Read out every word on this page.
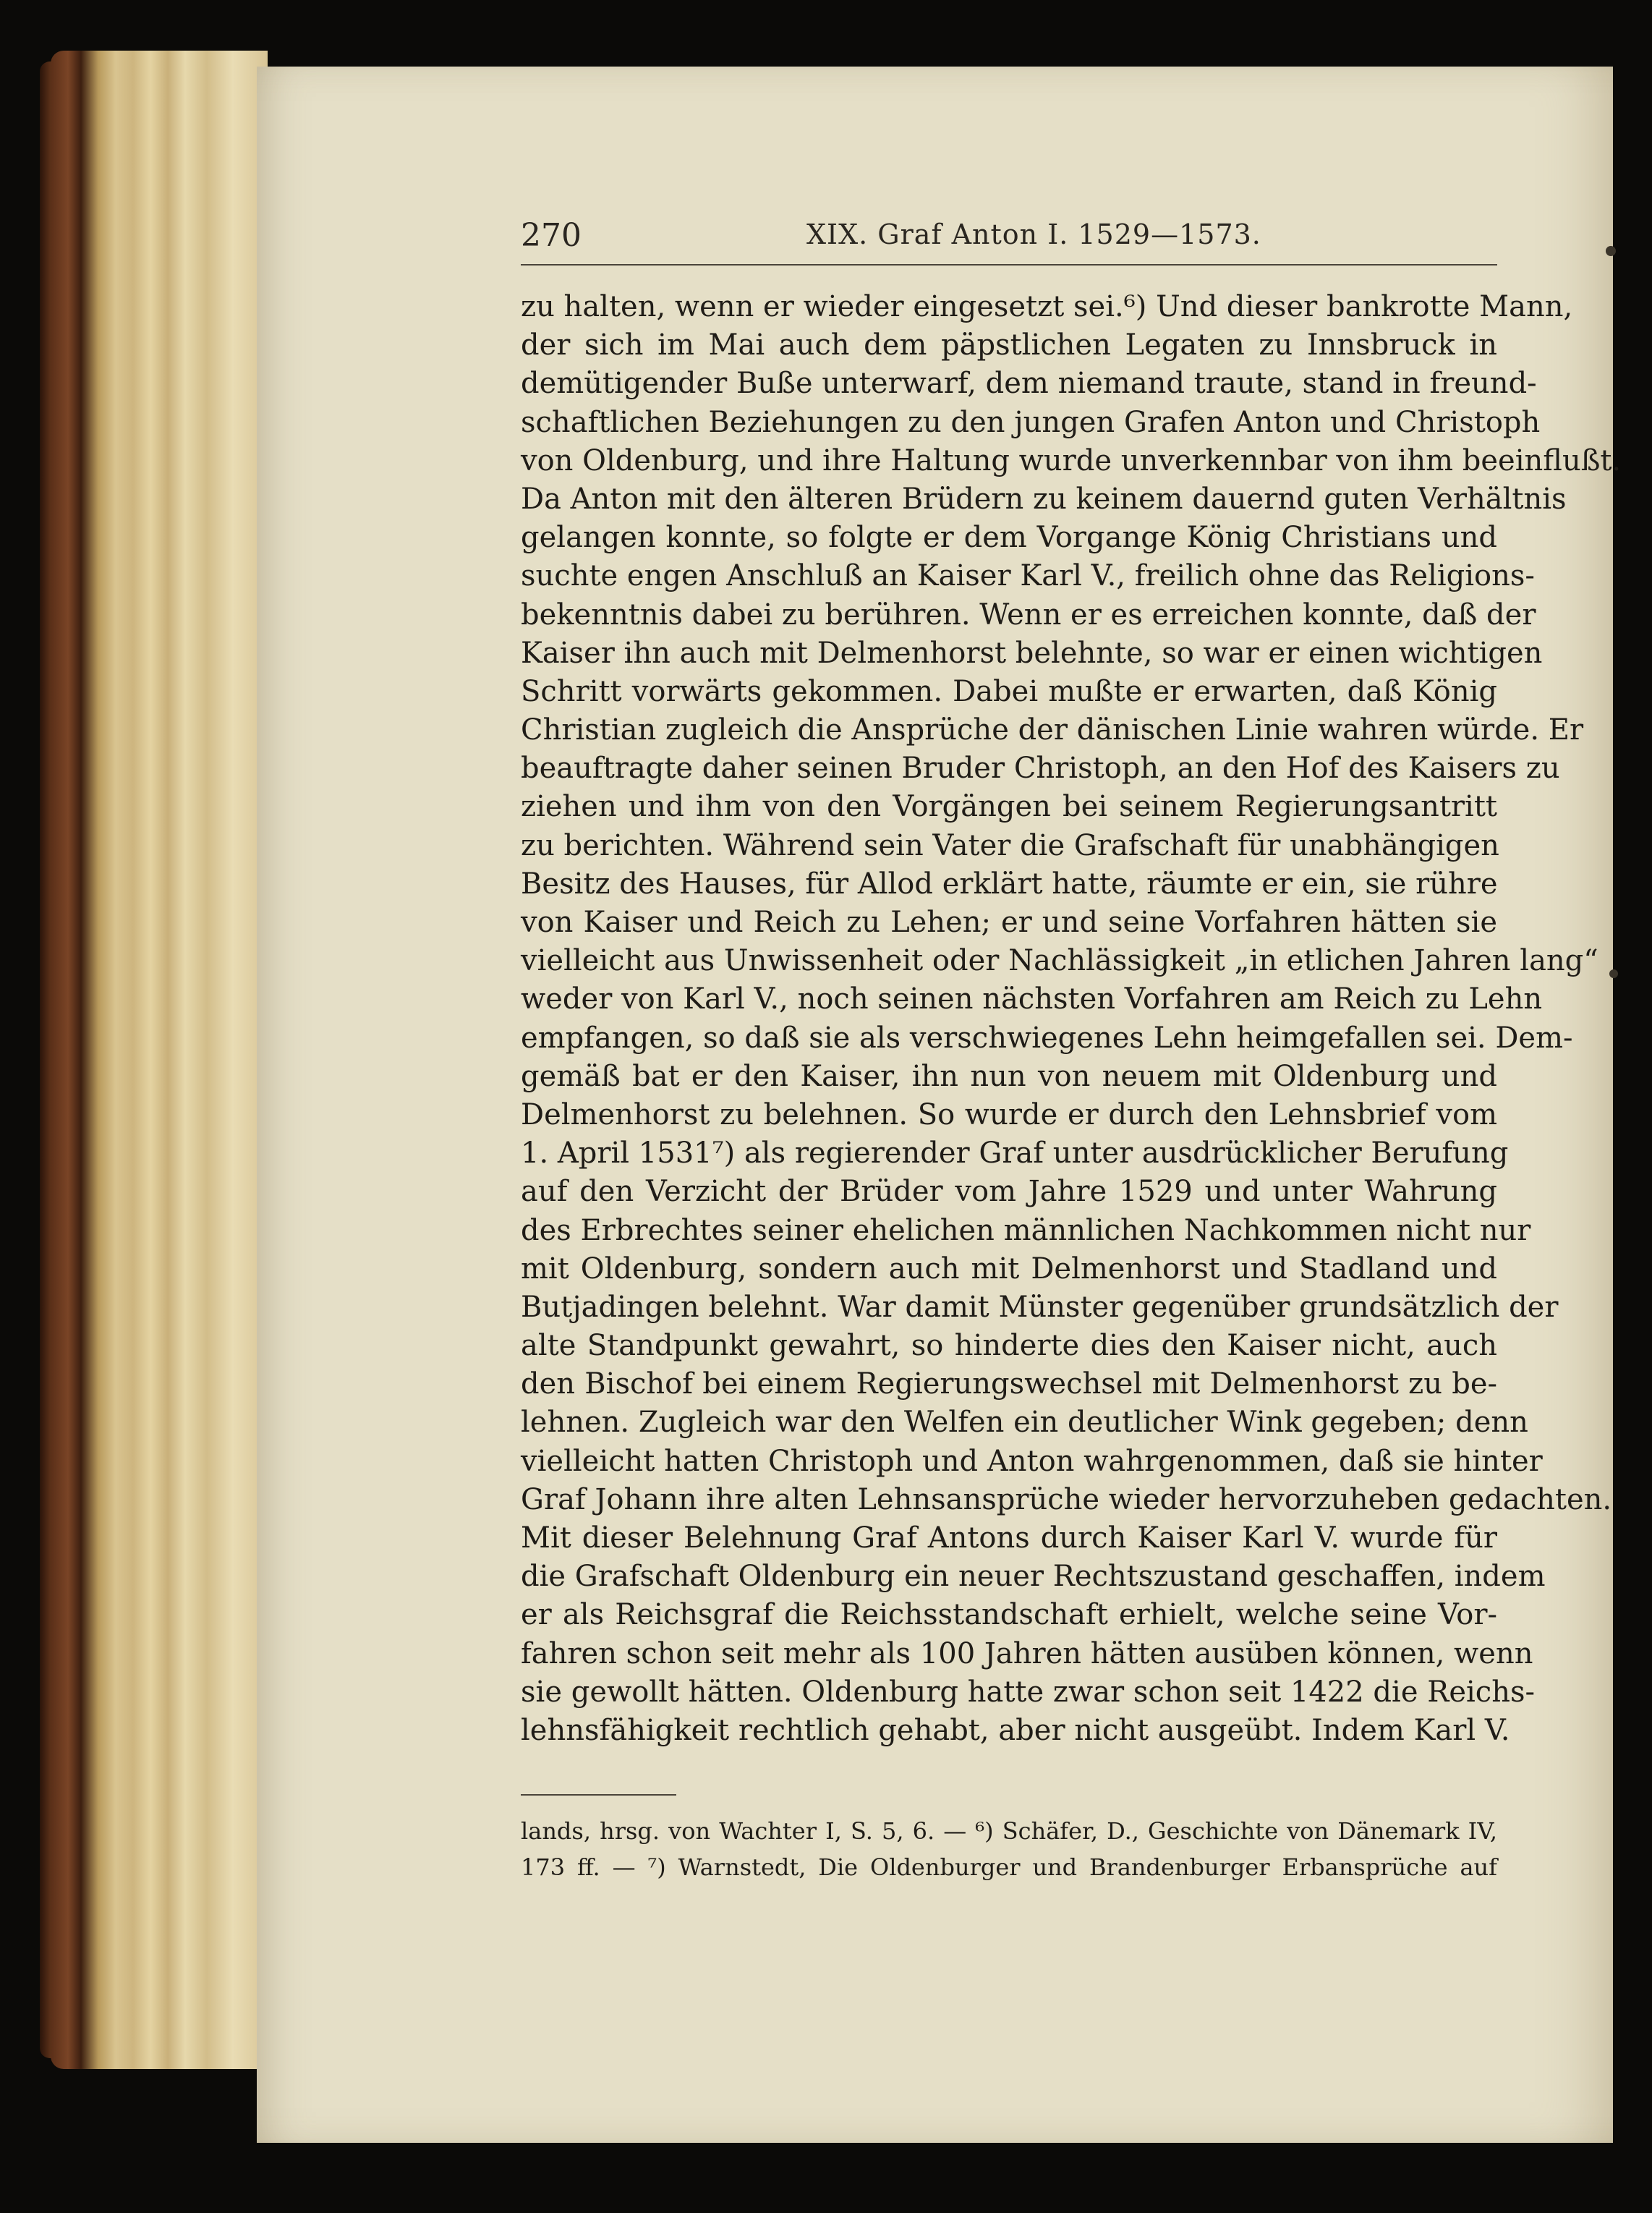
270	XIX. Graf Anton I. 1529—1573.
zu halten, wenn er wieder eingesetzt sei.⁶) Und dieser bankrotte Mann,
der sich im Mai auch dem päpstlichen Legaten zu Innsbruck in
demütigender Buße unterwarf, dem niemand traute, stand in freund-
schaftlichen Beziehungen zu den jungen Grafen Anton und Christoph
von Oldenburg, und ihre Haltung wurde unverkennbar von ihm beeinflußt.
Da Anton mit den älteren Brüdern zu keinem dauernd guten Verhältnis
gelangen konnte, so folgte er dem Vorgange König Christians und
suchte engen Anschluß an Kaiser Karl V., freilich ohne das Religions-
bekenntnis dabei zu berühren. Wenn er es erreichen konnte, daß der
Kaiser ihn auch mit Delmenhorst belehnte, so war er einen wichtigen
Schritt vorwärts gekommen. Dabei mußte er erwarten, daß König
Christian zugleich die Ansprüche der dänischen Linie wahren würde. Er
beauftragte daher seinen Bruder Christoph, an den Hof des Kaisers zu
ziehen und ihm von den Vorgängen bei seinem Regierungsantritt
zu berichten. Während sein Vater die Grafschaft für unabhängigen
Besitz des Hauses, für Allod erklärt hatte, räumte er ein, sie rühre
von Kaiser und Reich zu Lehen; er und seine Vorfahren hätten sie
vielleicht aus Unwissenheit oder Nachlässigkeit „in etlichen Jahren lang“
weder von Karl V., noch seinen nächsten Vorfahren am Reich zu Lehn
empfangen, so daß sie als verschwiegenes Lehn heimgefallen sei. Dem-
gemäß bat er den Kaiser, ihn nun von neuem mit Oldenburg und
Delmenhorst zu belehnen. So wurde er durch den Lehnsbrief vom
1. April 1531⁷) als regierender Graf unter ausdrücklicher Berufung
auf den Verzicht der Brüder vom Jahre 1529 und unter Wahrung
des Erbrechtes seiner ehelichen männlichen Nachkommen nicht nur
mit Oldenburg, sondern auch mit Delmenhorst und Stadland und
Butjadingen belehnt. War damit Münster gegenüber grundsätzlich der
alte Standpunkt gewahrt, so hinderte dies den Kaiser nicht, auch
den Bischof bei einem Regierungswechsel mit Delmenhorst zu be-
lehnen. Zugleich war den Welfen ein deutlicher Wink gegeben; denn
vielleicht hatten Christoph und Anton wahrgenommen, daß sie hinter
Graf Johann ihre alten Lehnsansprüche wieder hervorzuheben gedachten.
Mit dieser Belehnung Graf Antons durch Kaiser Karl V. wurde für
die Grafschaft Oldenburg ein neuer Rechtszustand geschaffen, indem
er als Reichsgraf die Reichsstandschaft erhielt, welche seine Vor-
fahren schon seit mehr als 100 Jahren hätten ausüben können, wenn
sie gewollt hätten. Oldenburg hatte zwar schon seit 1422 die Reichs-
lehnsfähigkeit rechtlich gehabt, aber nicht ausgeübt. Indem Karl V.
lands, hrsg. von Wachter I, S. 5, 6. — ⁶) Schäfer, D., Geschichte von Dänemark IV,
173 ff. — ⁷) Warnstedt, Die Oldenburger und Brandenburger Erbansprüche auf
